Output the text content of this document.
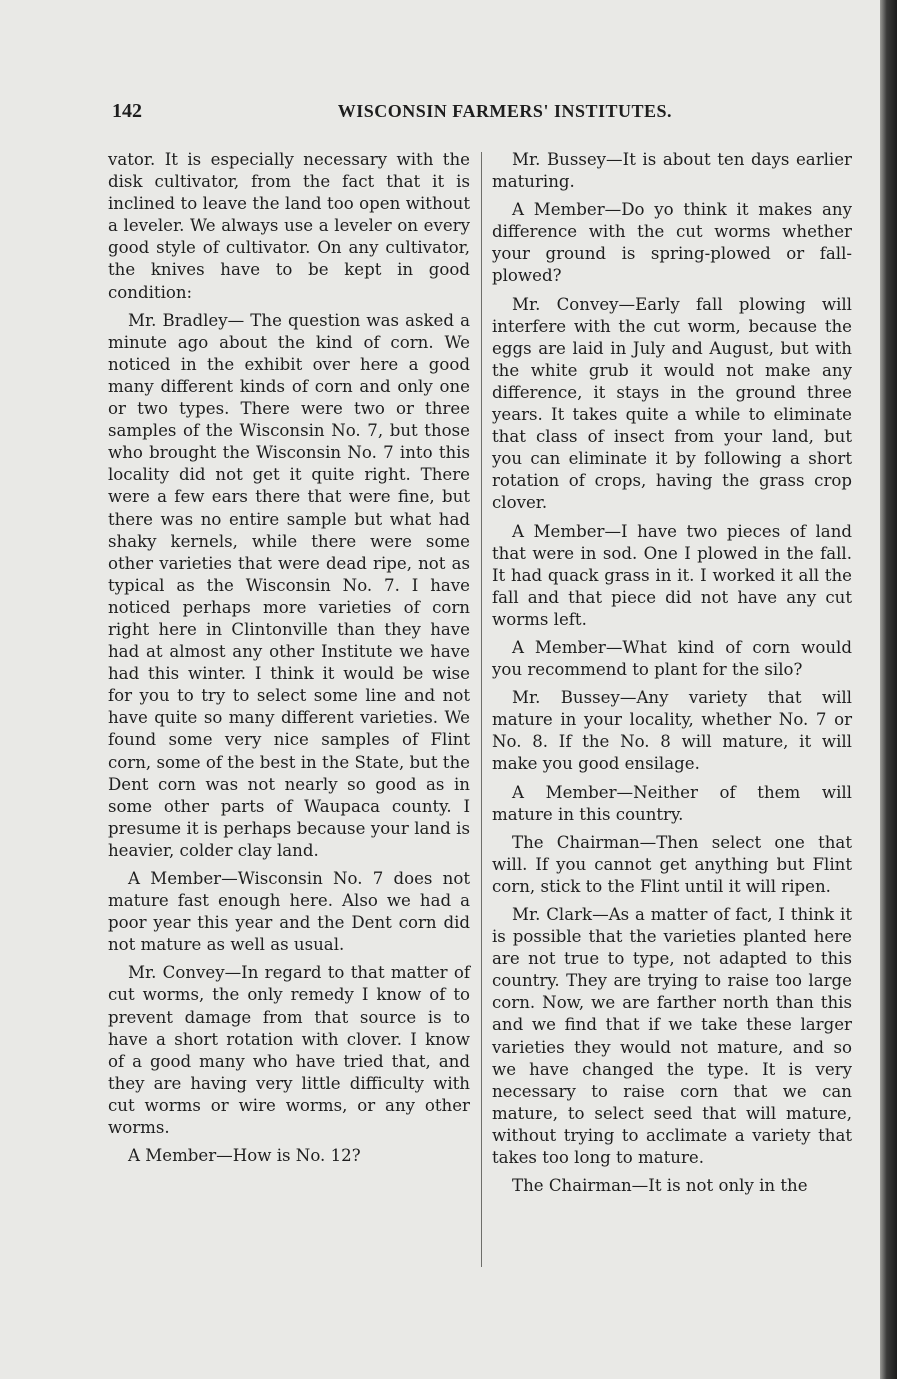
142	WISCONSIN FARMERS' INSTITUTES.

vator. It is especially necessary with the disk cultivator, from the fact that it is inclined to leave the land too open without a leveler. We always use a leveler on every good style of cultivator. On any cultivator, the knives have to be kept in good condition:

Mr. Bradley— The question was asked a minute ago about the kind of corn. We noticed in the exhibit over here a good many different kinds of corn and only one or two types. There were two or three samples of the Wisconsin No. 7, but those who brought the Wisconsin No. 7 into this locality did not get it quite right. There were a few ears there that were fine, but there was no entire sample but what had shaky kernels, while there were some other varieties that were dead ripe, not as typical as the Wisconsin No. 7. I have noticed perhaps more varieties of corn right here in Clintonville than they have had at almost any other Institute we have had this winter. I think it would be wise for you to try to select some line and not have quite so many different varieties. We found some very nice samples of Flint corn, some of the best in the State, but the Dent corn was not nearly so good as in some other parts of Waupaca county. I presume it is perhaps because your land is heavier, colder clay land.

A Member—Wisconsin No. 7 does not mature fast enough here. Also we had a poor year this year and the Dent corn did not mature as well as usual.

Mr. Convey—In regard to that matter of cut worms, the only remedy I know of to prevent damage from that source is to have a short rotation with clover. I know of a good many who have tried that, and they are having very little difficulty with cut worms or wire worms, or any other worms.

A Member—How is No. 12?

Mr. Bussey—It is about ten days earlier maturing.

A Member—Do yo think it makes any difference with the cut worms whether your ground is spring-plowed or fall-plowed?

Mr. Convey—Early fall plowing will interfere with the cut worm, because the eggs are laid in July and August, but with the white grub it would not make any difference, it stays in the ground three years. It takes quite a while to eliminate that class of insect from your land, but you can eliminate it by following a short rotation of crops, having the grass crop clover.

A Member—I have two pieces of land that were in sod. One I plowed in the fall. It had quack grass in it. I worked it all the fall and that piece did not have any cut worms left.

A Member—What kind of corn would you recommend to plant for the silo?

Mr. Bussey—Any variety that will mature in your locality, whether No. 7 or No. 8. If the No. 8 will mature, it will make you good ensilage.

A Member—Neither of them will mature in this country.

The Chairman—Then select one that will. If you cannot get anything but Flint corn, stick to the Flint until it will ripen.

Mr. Clark—As a matter of fact, I think it is possible that the varieties planted here are not true to type, not adapted to this country. They are trying to raise too large corn. Now, we are farther north than this and we find that if we take these larger varieties they would not mature, and so we have changed the type. It is very necessary to raise corn that we can mature, to select seed that will mature, without trying to acclimate a variety that takes too long to mature.

The Chairman—It is not only in the
